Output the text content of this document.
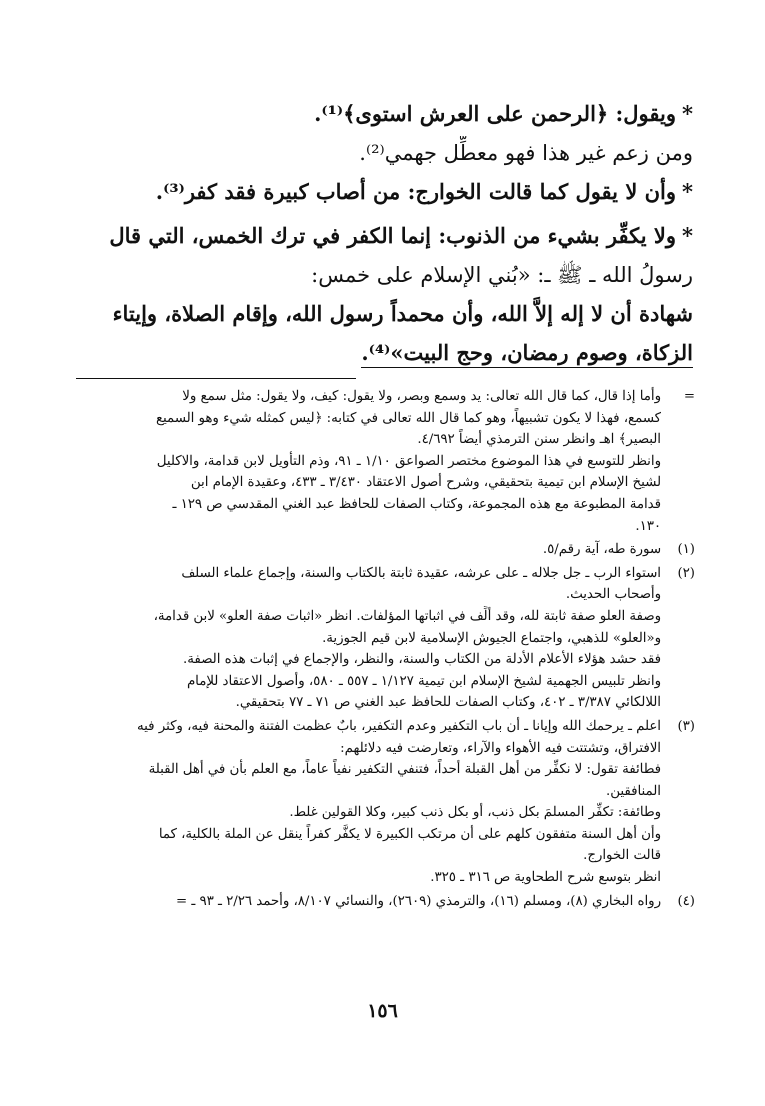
*ويقول: ﴿الرحمن على العرش استوى﴾⁽¹⁾.

ومن زعم غير هذا فهو معطِّل جهمي⁽²⁾.

*وأن لا يقول كما قالت الخوارج: من أصاب كبيرة فقد كفر⁽³⁾.

*ولا يكفِّر بشيء من الذنوب: إنما الكفر في ترك الخمس، التي قال

رسولُ الله ـ ﷺ ـ: «بُني الإسلام على خمس:

شهادة أن لا إله إلاَّ الله، وأن محمداً رسول الله، وإقام الصلاة، وإيتاء

الزكاة، وصوم رمضان، وحج البيت»⁽⁴⁾.

=

وأما إذا قال، كما قال الله تعالى: يد وسمع وبصر، ولا يقول: كيف، ولا يقول: مثل سمع ولا

كسمع، فهذا لا يكون تشبيهاً، وهو كما قال الله تعالى في كتابه: ﴿ليس كمثله شيء وهو السميع

البصير﴾ اهـ وانظر سنن الترمذي أيضاً ٤/٦٩٢.

وانظر للتوسع في هذا الموضوع مختصر الصواعق ١/١٠ ـ ٩١، وذم التأويل لابن قدامة، والاكليل

لشيخ الإسلام ابن تيمية بتحقيقي، وشرح أصول الاعتقاد ٣/٤٣٠ ـ ٤٣٣، وعقيدة الإمام ابن

قدامة المطبوعة مع هذه المجموعة، وكتاب الصفات للحافظ عبد الغني المقدسي ص ١٢٩ ـ

١٣٠.

(١)

سورة طه، آية رقم/٥.

(٢)

استواء الرب ـ جل جلاله ـ على عرشه، عقيدة ثابتة بالكتاب والسنة، وإجماع علماء السلف

وأصحاب الحديث.

وصفة العلو صفة ثابتة لله، وقد أُلِّف في اثباتها المؤلفات. انظر «اثبات صفة العلو» لابن قدامة،

و«العلو» للذهبي، واجتماع الجيوش الإسلامية لابن قيم الجوزية.

فقد حشد هؤلاء الأعلام الأدلة من الكتاب والسنة، والنظر، والإجماع في إثبات هذه الصفة.

وانظر تلبيس الجهمية لشيخ الإسلام ابن تيمية ١/١٢٧ ـ ٥٥٧ ـ ٥٨٠، وأصول الاعتقاد للإمام

اللالكائي ٣/٣٨٧ ـ ٤٠٢، وكتاب الصفات للحافظ عبد الغني ص ٧١ ـ ٧٧ بتحقيقي.

(٣)

اعلم ـ يرحمك الله وإيانا ـ أن باب التكفير وعدم التكفير، بابٌ عظمت الفتنة والمحنة فيه، وكثر فيه

الافتراق، وتشتتت فيه الأهواء والآراء، وتعارضت فيه دلائلهم:

فطائفة تقول: لا نكفِّر من أهل القبلة أحداً، فتنفي التكفير نفياً عاماً، مع العلم بأن في أهل القبلة

المنافقين.

وطائفة: تكفِّر المسلمَ بكل ذنب، أو بكل ذنب كبير، وكلا القولين غلط.

وأن أهل السنة متفقون كلهم على أن مرتكب الكبيرة لا يكفَّر كفراً ينقل عن الملة بالكلية، كما

قالت الخوارج.

انظر بتوسع شرح الطحاوية ص ٣١٦ ـ ٣٢٥.

(٤)

رواه البخاري (٨)، ومسلم (١٦)، والترمذي (٢٦٠٩)، والنسائي ٨/١٠٧، وأحمد ٢/٢٦ ـ ٩٣ ـ =

١٥٦
